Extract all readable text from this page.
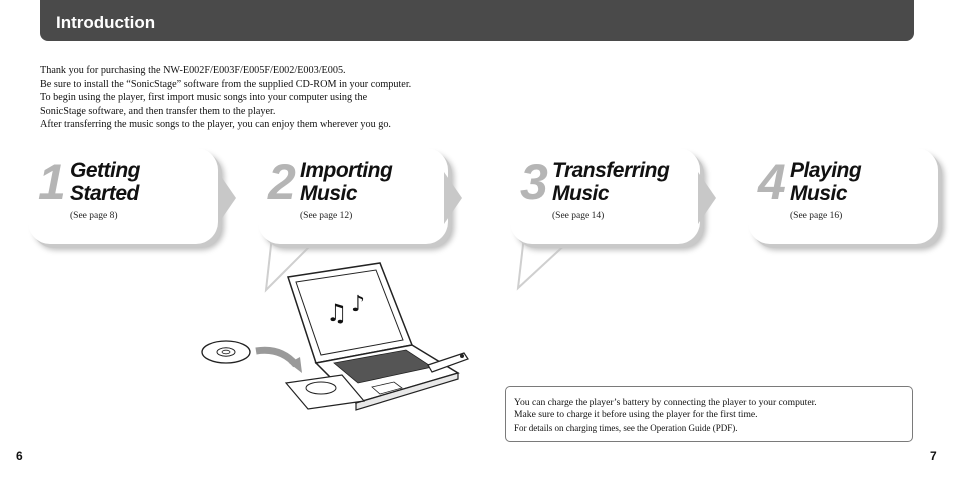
Introduction
Thank you for purchasing the NW-E002F/E003F/E005F/E002/E003/E005.
Be sure to install the “SonicStage” software from the supplied CD-ROM in your computer.
To begin using the player, first import music songs into your computer using the
SonicStage software, and then transfer them to the player.
After transferring the music songs to the player, you can enjoy them wherever you go.
1 Getting
Started
(See page 8)
2 Importing
Music
(See page 12)
3 Transferring
Music
(See page 14)
4 Playing
Music
(See page 16)
♫ ♪
You can charge the player’s battery by connecting the player to your computer.
Make sure to charge it before using the player for the first time.
For details on charging times, see the Operation Guide (PDF).
6	7
